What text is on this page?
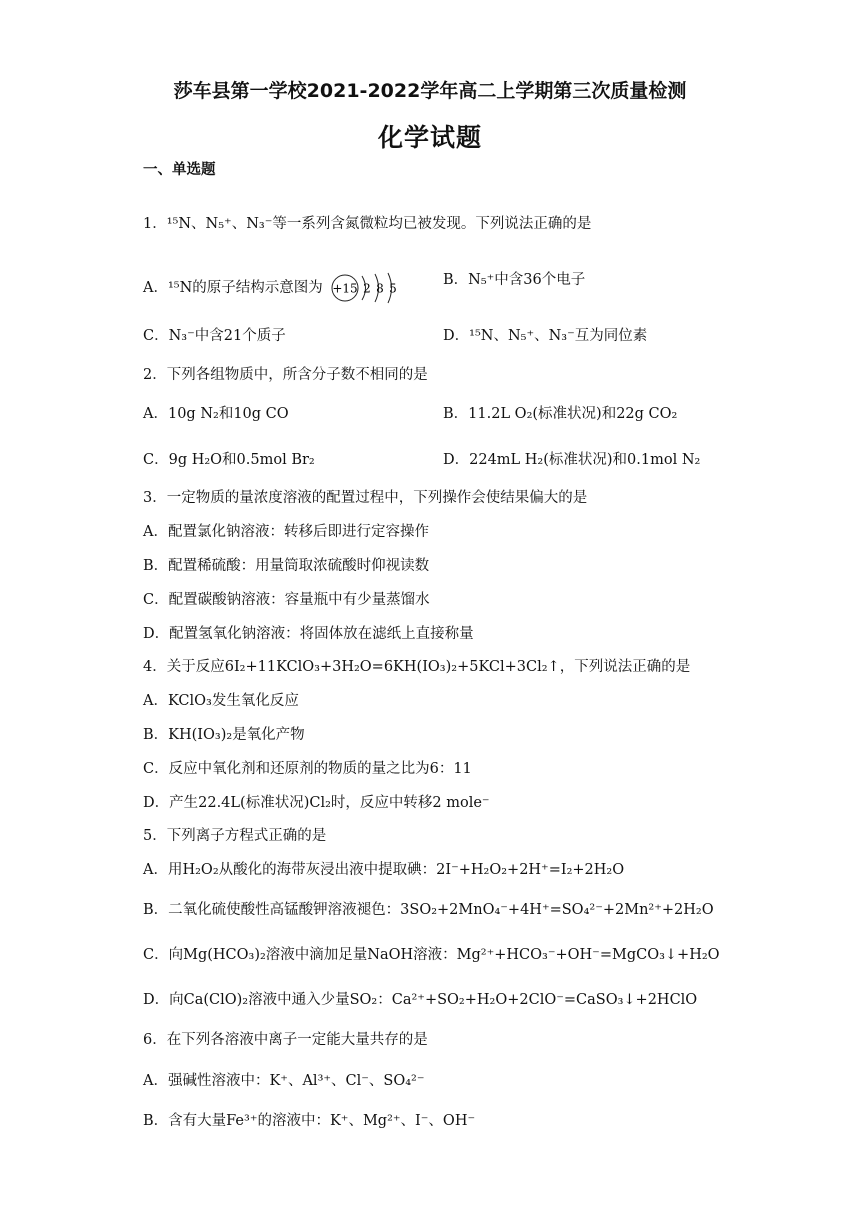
莎车县第一学校2021-2022学年高二上学期第三次质量检测
化学试题
一、单选题
1．¹⁵N、N₅⁺、N₃⁻等一系列含氮微粒均已被发现。下列说法正确的是
A．¹⁵N的原子结构示意图为 +15 2 8 5
B．N₅⁺中含36个电子
C．N₃⁻中含21个质子	D．¹⁵N、N₅⁺、N₃⁻互为同位素
2．下列各组物质中，所含分子数不相同的是
A．10g N₂和10g CO	B．11.2L O₂(标准状况)和22g CO₂
C．9g H₂O和0.5mol Br₂	D．224mL H₂(标准状况)和0.1mol N₂
3．一定物质的量浓度溶液的配置过程中，下列操作会使结果偏大的是
A．配置氯化钠溶液：转移后即进行定容操作
B．配置稀硫酸：用量筒取浓硫酸时仰视读数
C．配置碳酸钠溶液：容量瓶中有少量蒸馏水
D．配置氢氧化钠溶液：将固体放在滤纸上直接称量
4．关于反应6I₂+11KClO₃+3H₂O=6KH(IO₃)₂+5KCl+3Cl₂↑，下列说法正确的是
A．KClO₃发生氧化反应
B．KH(IO₃)₂是氧化产物
C．反应中氧化剂和还原剂的物质的量之比为6：11
D．产生22.4L(标准状况)Cl₂时，反应中转移2 mole⁻
5．下列离子方程式正确的是
A．用H₂O₂从酸化的海带灰浸出液中提取碘：2I⁻+H₂O₂+2H⁺=I₂+2H₂O
B．二氧化硫使酸性高锰酸钾溶液褪色：3SO₂+2MnO₄⁻+4H⁺=SO₄²⁻+2Mn²⁺+2H₂O
C．向Mg(HCO₃)₂溶液中滴加足量NaOH溶液：Mg²⁺+HCO₃⁻+OH⁻=MgCO₃↓+H₂O
D．向Ca(ClO)₂溶液中通入少量SO₂：Ca²⁺+SO₂+H₂O+2ClO⁻=CaSO₃↓+2HClO
6．在下列各溶液中离子一定能大量共存的是
A．强碱性溶液中：K⁺、Al³⁺、Cl⁻、SO₄²⁻
B．含有大量Fe³⁺的溶液中：K⁺、Mg²⁺、I⁻、OH⁻
